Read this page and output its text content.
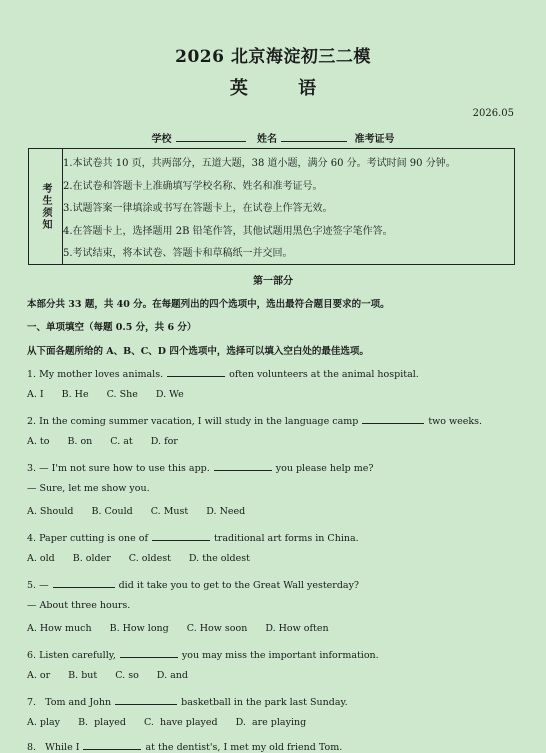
2026 北京海淀初三二模
英 语
2026.05
学校	姓名	准考证号
考生须知
1.本试卷共 10 页，共两部分，五道大题，38 道小题，满分 60 分。考试时间 90 分钟。
2.在试卷和答题卡上准确填写学校名称、姓名和准考证号。
3.试题答案一律填涂或书写在答题卡上，在试卷上作答无效。
4.在答题卡上，选择题用 2B 铅笔作答，其他试题用黑色字迹签字笔作答。
5.考试结束，将本试卷、答题卡和草稿纸一并交回。
第一部分
本部分共 33 题，共 40 分。在每题列出的四个选项中，选出最符合题目要求的一项。
一、单项填空（每题 0.5 分，共 6 分）
从下面各题所给的 A、B、C、D 四个选项中，选择可以填入空白处的最佳选项。
1. My mother loves animals.	often volunteers at the animal hospital.
A. I B. He C. She D. We
2. In the coming summer vacation, I will study in the language camp	two weeks.
A. to B. on C. at D. for
3. — I'm not sure how to use this app.	you please help me?
— Sure, let me show you.
A. Should B. Could C. Must D. Need
4. Paper cutting is one of	traditional art forms in China.
A. old B. older C. oldest D. the oldest
5. —	did it take you to get to the Great Wall yesterday?
— About three hours.
A. How much B. How long C. How soon D. How often
6. Listen carefully,	you may miss the important information.
A. or B. but C. so D. and
7.   Tom and John	basketball in the park last Sunday.
A. play B.  played C.  have played D.  are playing
8.   While I	at the dentist's, I met my old friend Tom.
